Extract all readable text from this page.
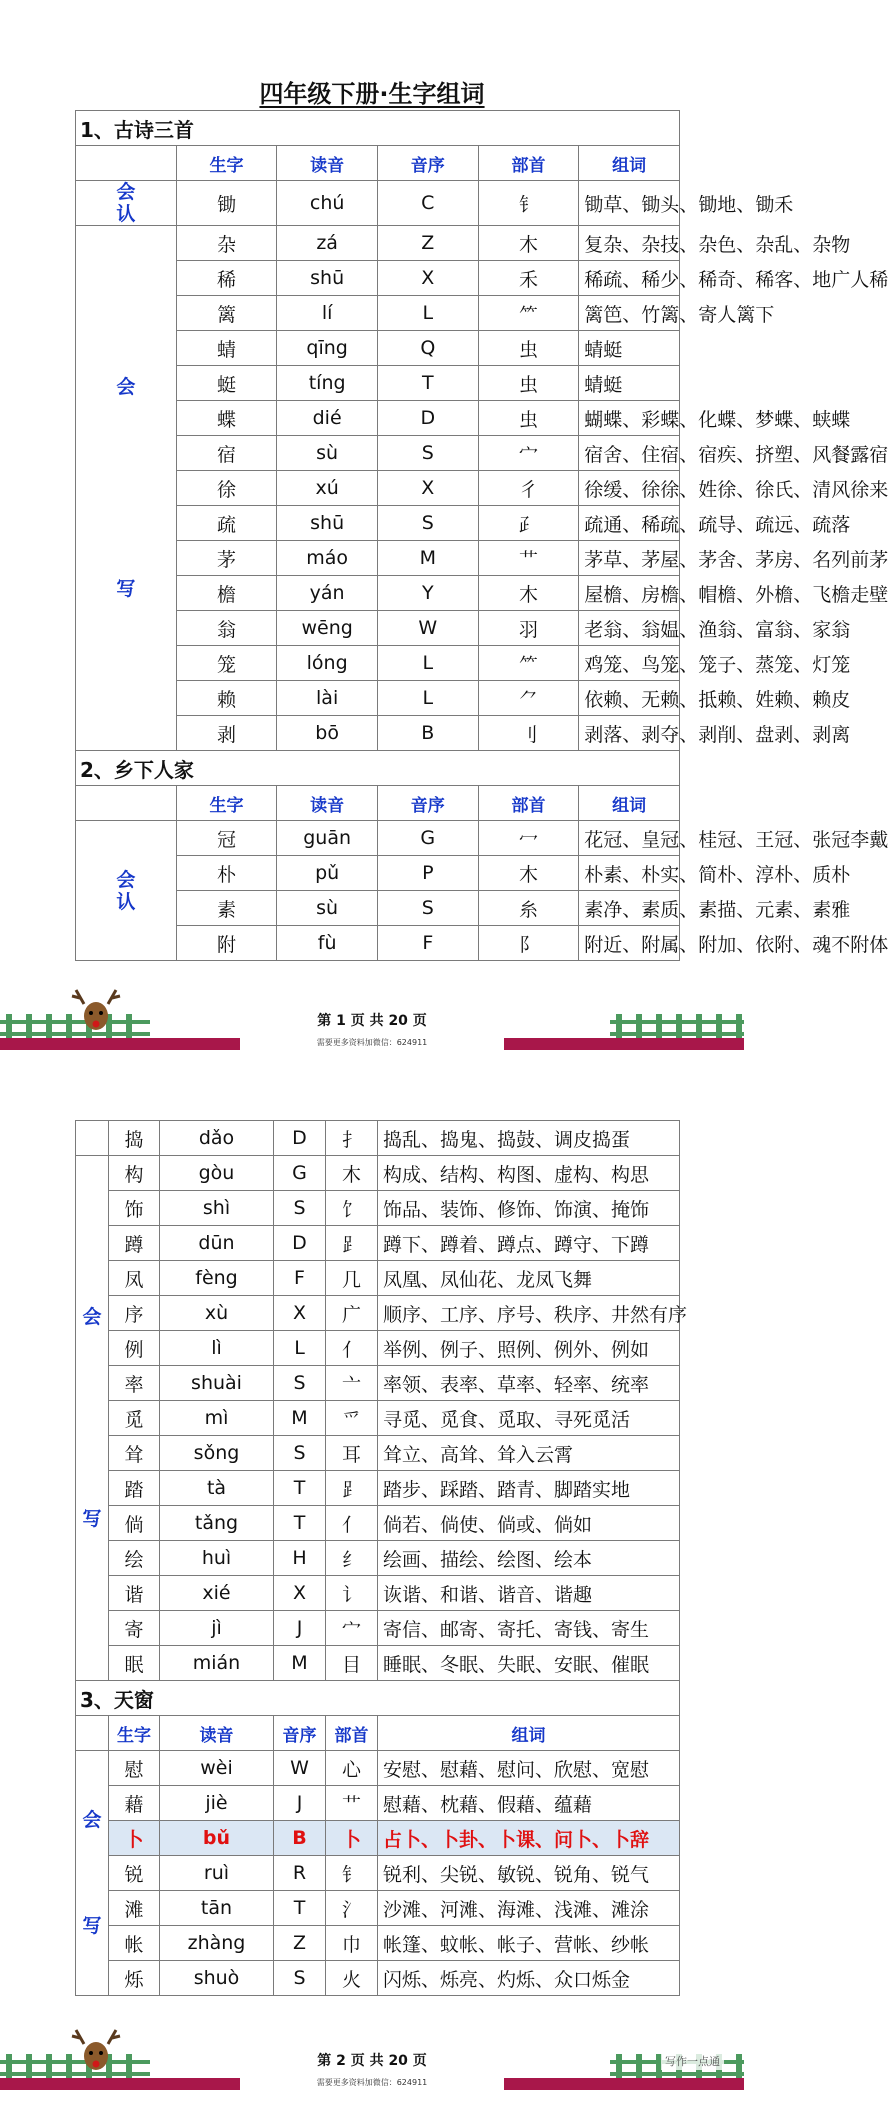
四年级下册·生字组词
1、古诗三首					
	生字	读音	音序	部首	组词

会
认	锄	chú	C	钅	锄草、锄头、锄地、锄禾

会
写	杂	zá	Z	木	复杂、杂技、杂色、杂乱、杂物
	稀	shū	X	禾	稀疏、稀少、稀奇、稀客、地广人稀
	篱	lí	L	⺮	篱笆、竹篱、寄人篱下
	蜻	qīng	Q	虫	蜻蜓
	蜓	tíng	T	虫	蜻蜓
	蝶	dié	D	虫	蝴蝶、彩蝶、化蝶、梦蝶、蛱蝶
	宿	sù	S	宀	宿舍、住宿、宿疾、挤塑、风餐露宿
	徐	xú	X	彳	徐缓、徐徐、姓徐、徐氏、清风徐来
	疏	shū	S	⺪	疏通、稀疏、疏导、疏远、疏落
	茅	máo	M	艹	茅草、茅屋、茅舍、茅房、名列前茅
	檐	yán	Y	木	屋檐、房檐、帽檐、外檐、飞檐走壁
	翁	wēng	W	羽	老翁、翁媪、渔翁、富翁、家翁
	笼	lóng	L	⺮	鸡笼、鸟笼、笼子、蒸笼、灯笼
	赖	lài	L	⺈	依赖、无赖、抵赖、姓赖、赖皮
	剥	bō	B	刂	剥落、剥夺、剥削、盘剥、剥离
2、乡下人家					
	生字	读音	音序	部首	组词

会
认	冠	guān	G	冖	花冠、皇冠、桂冠、王冠、张冠李戴
	朴	pǔ	P	木	朴素、朴实、简朴、淳朴、质朴
	素	sù	S	糸	素净、素质、素描、元素、素雅
	附	fù	F	阝	附近、附属、附加、依附、魂不附体
第 1 页 共 20 页
需要更多资料加微信：624911
	捣	dǎo	D	扌	捣乱、捣鬼、捣鼓、调皮捣蛋

会
写	构	gòu	G	木	构成、结构、构图、虚构、构思
	饰	shì	S	饣	饰品、装饰、修饰、饰演、掩饰
	蹲	dūn	D	⻊	蹲下、蹲着、蹲点、蹲守、下蹲
	凤	fèng	F	几	凤凰、凤仙花、龙凤飞舞
	序	xù	X	广	顺序、工序、序号、秩序、井然有序
	例	lì	L	亻	举例、例子、照例、例外、例如
	率	shuài	S	亠	率领、表率、草率、轻率、统率
	觅	mì	M	爫	寻觅、觅食、觅取、寻死觅活
	耸	sǒng	S	耳	耸立、高耸、耸入云霄
	踏	tà	T	⻊	踏步、踩踏、踏青、脚踏实地
	倘	tǎng	T	亻	倘若、倘使、倘或、倘如
	绘	huì	H	纟	绘画、描绘、绘图、绘本
	谐	xié	X	讠	诙谐、和谐、谐音、谐趣
	寄	jì	J	宀	寄信、邮寄、寄托、寄钱、寄生
	眠	mián	M	目	睡眠、冬眠、失眠、安眠、催眠
3、天窗					
	生字	读音	音序	部首	组词

会
写	慰	wèi	W	心	安慰、慰藉、慰问、欣慰、宽慰
	藉	jiè	J	艹	慰藉、枕藉、假藉、蕴藉
	卜	bǔ	B	卜	占卜、卜卦、卜课、问卜、卜辞
	锐	ruì	R	钅	锐利、尖锐、敏锐、锐角、锐气
	滩	tān	T	氵	沙滩、河滩、海滩、浅滩、滩涂
	帐	zhàng	Z	巾	帐篷、蚊帐、帐子、营帐、纱帐
	烁	shuò	S	火	闪烁、烁亮、灼烁、众口烁金
第 2 页 共 20 页
需要更多资料加微信：624911
写作一点通
